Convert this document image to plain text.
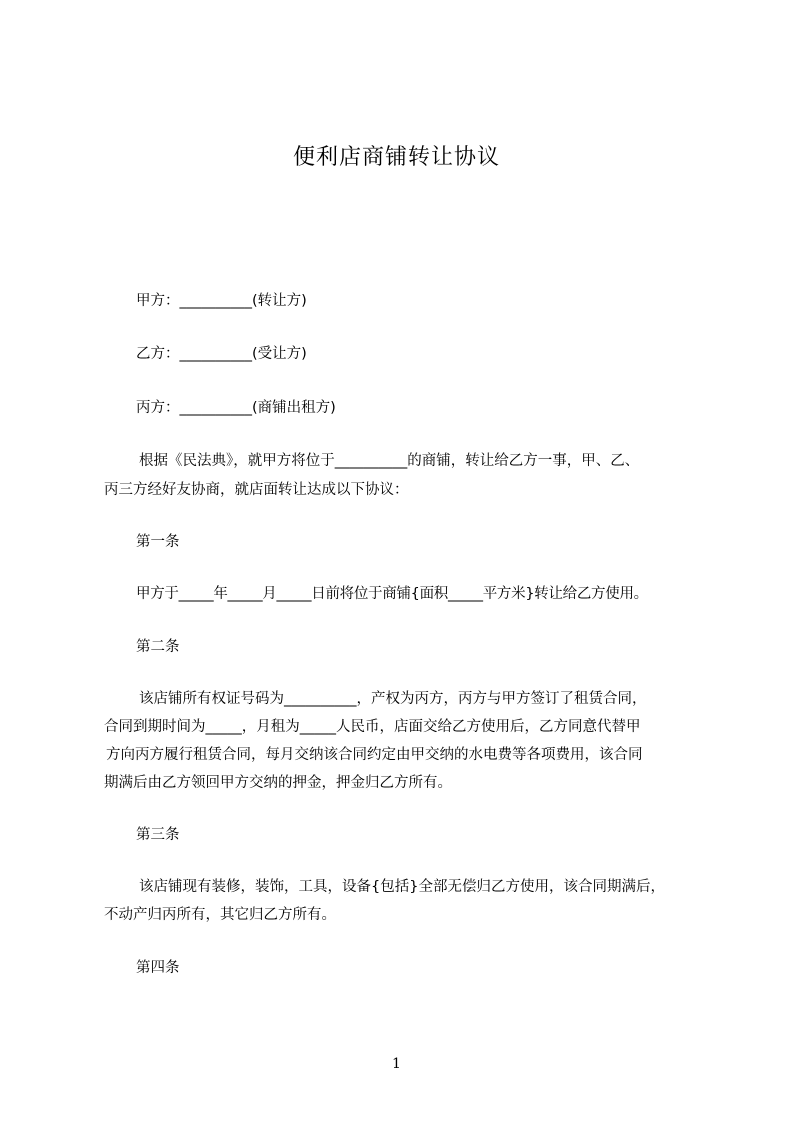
便利店商铺转让协议
甲方：__________(转让方)
乙方：__________(受让方)
丙方：__________(商铺出租方)
根据《民法典》，就甲方将位于__________的商铺，转让给乙方一事，甲、乙、
丙三方经好友协商，就店面转让达成以下协议：
第一条
甲方于_____年_____月_____日前将位于商铺{面积_____平方米}转让给乙方使用。
第二条
该店铺所有权证号码为__________，产权为丙方，丙方与甲方签订了租赁合同，
合同到期时间为_____，月租为_____人民币，店面交给乙方使用后，乙方同意代替甲
方向丙方履行租赁合同，每月交纳该合同约定由甲交纳的水电费等各项费用，该合同
期满后由乙方领回甲方交纳的押金，押金归乙方所有。
第三条
该店铺现有装修，装饰，工具，设备{包括}全部无偿归乙方使用，该合同期满后，
不动产归丙所有，其它归乙方所有。
第四条
1
